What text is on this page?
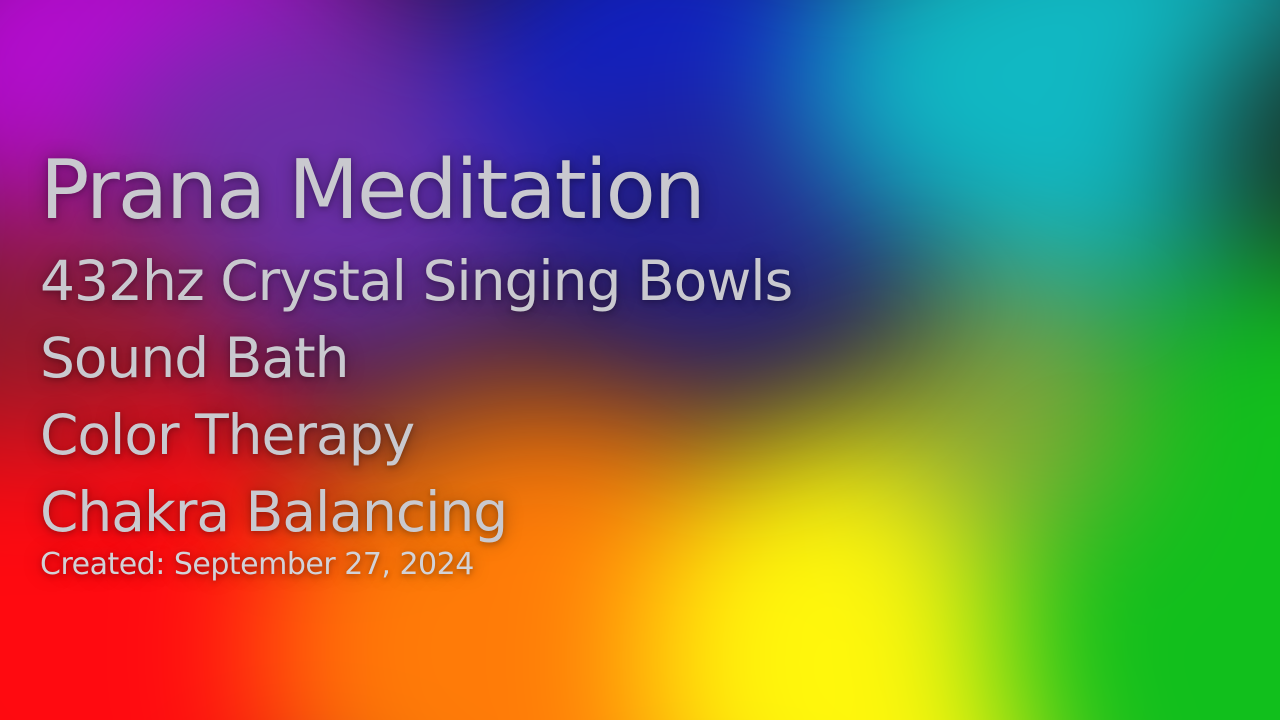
Prana Meditation
432hz Crystal Singing Bowls
Sound Bath
Color Therapy
Chakra Balancing
Created: September 27, 2024
